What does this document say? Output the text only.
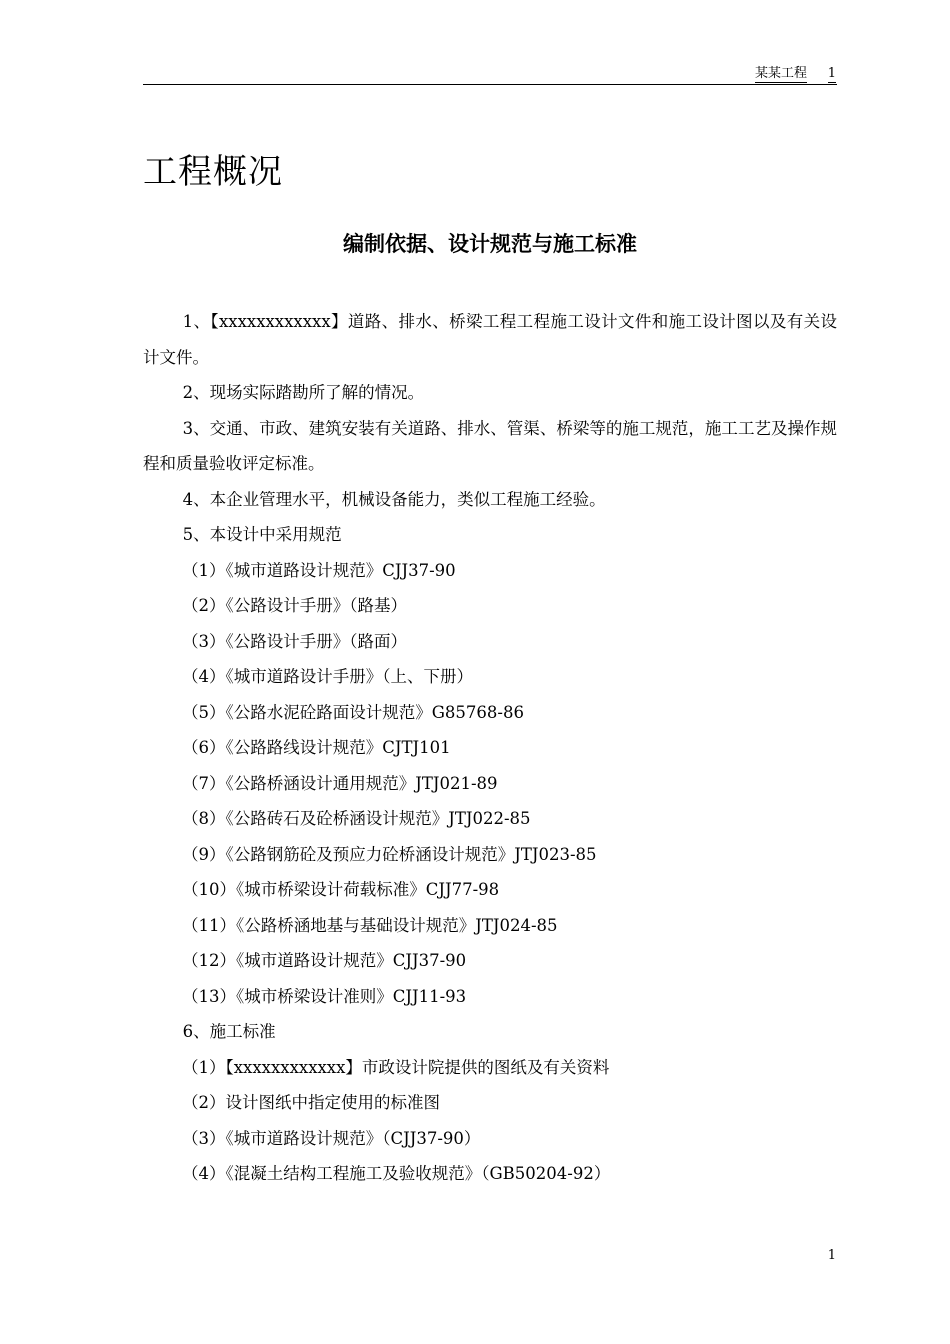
某某工程 1
工程概况
编制依据、设计规范与施工标准

1、【xxxxxxxxxxxx】道路、排水、桥梁工程工程施工设计文件和施工设计图以及有关设计文件。

2、现场实际踏勘所了解的情况。

3、交通、市政、建筑安装有关道路、排水、管渠、桥梁等的施工规范，施工工艺及操作规程和质量验收评定标准。

4、本企业管理水平，机械设备能力，类似工程施工经验。

5、本设计中采用规范

（1）《城市道路设计规范》CJJ37-90

（2）《公路设计手册》（路基）

（3）《公路设计手册》（路面）

（4）《城市道路设计手册》（上、下册）

（5）《公路水泥砼路面设计规范》G85768-86

（6）《公路路线设计规范》CJTJ101

（7）《公路桥涵设计通用规范》JTJ021-89

（8）《公路砖石及砼桥涵设计规范》JTJ022-85

（9）《公路钢筋砼及预应力砼桥涵设计规范》JTJ023-85

（10）《城市桥梁设计荷载标准》CJJ77-98

（11）《公路桥涵地基与基础设计规范》JTJ024-85

（12）《城市道路设计规范》CJJ37-90

（13）《城市桥梁设计准则》CJJ11-93

6、施工标准

（1）【xxxxxxxxxxxx】市政设计院提供的图纸及有关资料

（2）设计图纸中指定使用的标准图

（3）《城市道路设计规范》（CJJ37-90）

（4）《混凝土结构工程施工及验收规范》（GB50204-92）

1
